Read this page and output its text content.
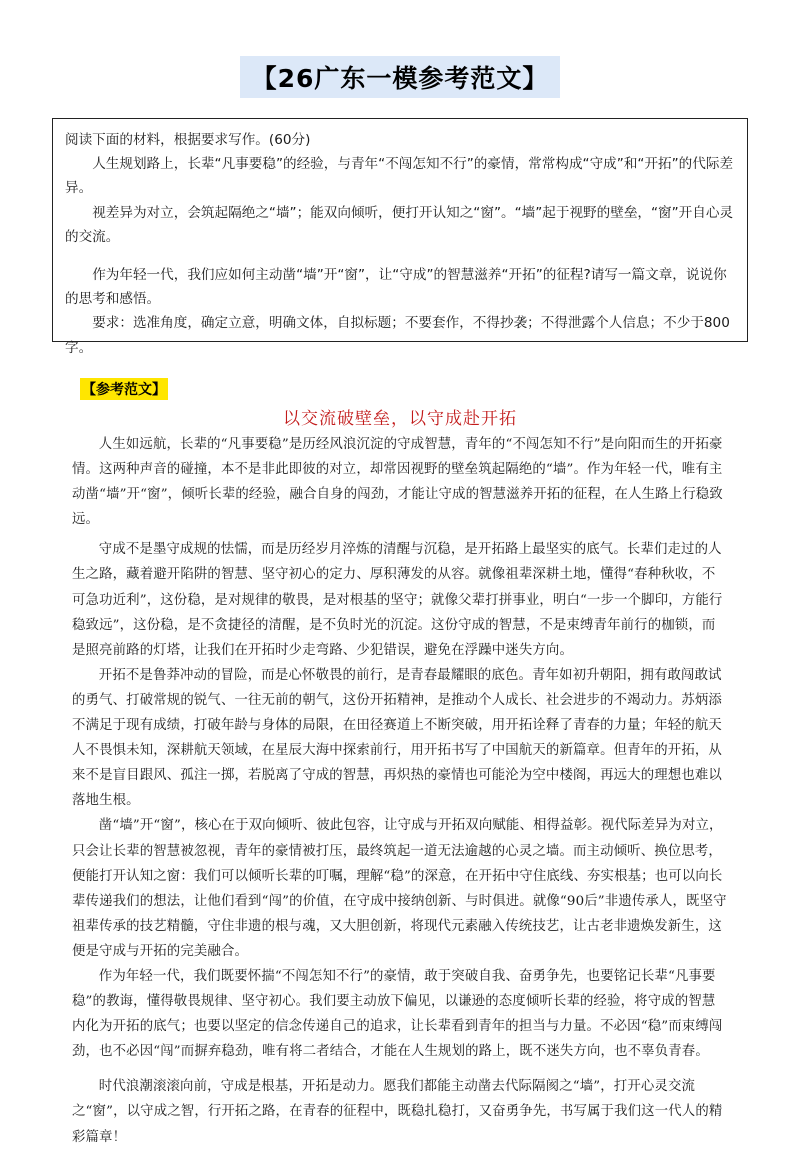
【26广东一模参考范文】

阅读下面的材料，根据要求写作。(60分)

人生规划路上，长辈“凡事要稳”的经验，与青年“不闯怎知不行”的豪情，常常构成“守成”和“开拓”的代际差异。

视差异为对立，会筑起隔绝之“墙”；能双向倾听，便打开认知之“窗”。“墙”起于视野的壁垒，“窗”开自心灵的交流。

作为年轻一代，我们应如何主动凿“墙”开“窗”，让“守成”的智慧滋养“开拓”的征程?请写一篇文章，说说你的思考和感悟。

要求：选准角度，确定立意，明确文体，自拟标题；不要套作，不得抄袭；不得泄露个人信息；不少于800字。

【参考范文】
以交流破壁垒，以守成赴开拓

人生如远航，长辈的“凡事要稳”是历经风浪沉淀的守成智慧，青年的“不闯怎知不行”是向阳而生的开拓豪情。这两种声音的碰撞，本不是非此即彼的对立，却常因视野的壁垒筑起隔绝的“墙”。作为年轻一代，唯有主动凿“墙”开“窗”，倾听长辈的经验，融合自身的闯劲，才能让守成的智慧滋养开拓的征程，在人生路上行稳致远。

守成不是墨守成规的怯懦，而是历经岁月淬炼的清醒与沉稳，是开拓路上最坚实的底气。长辈们走过的人生之路，藏着避开陷阱的智慧、坚守初心的定力、厚积薄发的从容。就像祖辈深耕土地，懂得“春种秋收，不可急功近利”，这份稳，是对规律的敬畏，是对根基的坚守；就像父辈打拼事业，明白“一步一个脚印，方能行稳致远”，这份稳，是不贪捷径的清醒，是不负时光的沉淀。这份守成的智慧，不是束缚青年前行的枷锁，而是照亮前路的灯塔，让我们在开拓时少走弯路、少犯错误，避免在浮躁中迷失方向。

开拓不是鲁莽冲动的冒险，而是心怀敬畏的前行，是青春最耀眼的底色。青年如初升朝阳，拥有敢闯敢试的勇气、打破常规的锐气、一往无前的朝气，这份开拓精神，是推动个人成长、社会进步的不竭动力。苏炳添不满足于现有成绩，打破年龄与身体的局限，在田径赛道上不断突破，用开拓诠释了青春的力量；年轻的航天人不畏惧未知，深耕航天领域，在星辰大海中探索前行，用开拓书写了中国航天的新篇章。但青年的开拓，从来不是盲目跟风、孤注一掷，若脱离了守成的智慧，再炽热的豪情也可能沦为空中楼阁，再远大的理想也难以落地生根。

凿“墙”开“窗”，核心在于双向倾听、彼此包容，让守成与开拓双向赋能、相得益彰。视代际差异为对立，只会让长辈的智慧被忽视，青年的豪情被打压，最终筑起一道无法逾越的心灵之墙。而主动倾听、换位思考，便能打开认知之窗：我们可以倾听长辈的叮嘱，理解“稳”的深意，在开拓中守住底线、夯实根基；也可以向长辈传递我们的想法，让他们看到“闯”的价值，在守成中接纳创新、与时俱进。就像“90后”非遗传承人，既坚守祖辈传承的技艺精髓，守住非遗的根与魂，又大胆创新，将现代元素融入传统技艺，让古老非遗焕发新生，这便是守成与开拓的完美融合。

作为年轻一代，我们既要怀揣“不闯怎知不行”的豪情，敢于突破自我、奋勇争先，也要铭记长辈“凡事要稳”的教诲，懂得敬畏规律、坚守初心。我们要主动放下偏见，以谦逊的态度倾听长辈的经验，将守成的智慧内化为开拓的底气；也要以坚定的信念传递自己的追求，让长辈看到青年的担当与力量。不必因“稳”而束缚闯劲，也不必因“闯”而摒弃稳劲，唯有将二者结合，才能在人生规划的路上，既不迷失方向，也不辜负青春。

时代浪潮滚滚向前，守成是根基，开拓是动力。愿我们都能主动凿去代际隔阂之“墙”，打开心灵交流之“窗”，以守成之智，行开拓之路，在青春的征程中，既稳扎稳打，又奋勇争先，书写属于我们这一代人的精彩篇章！
